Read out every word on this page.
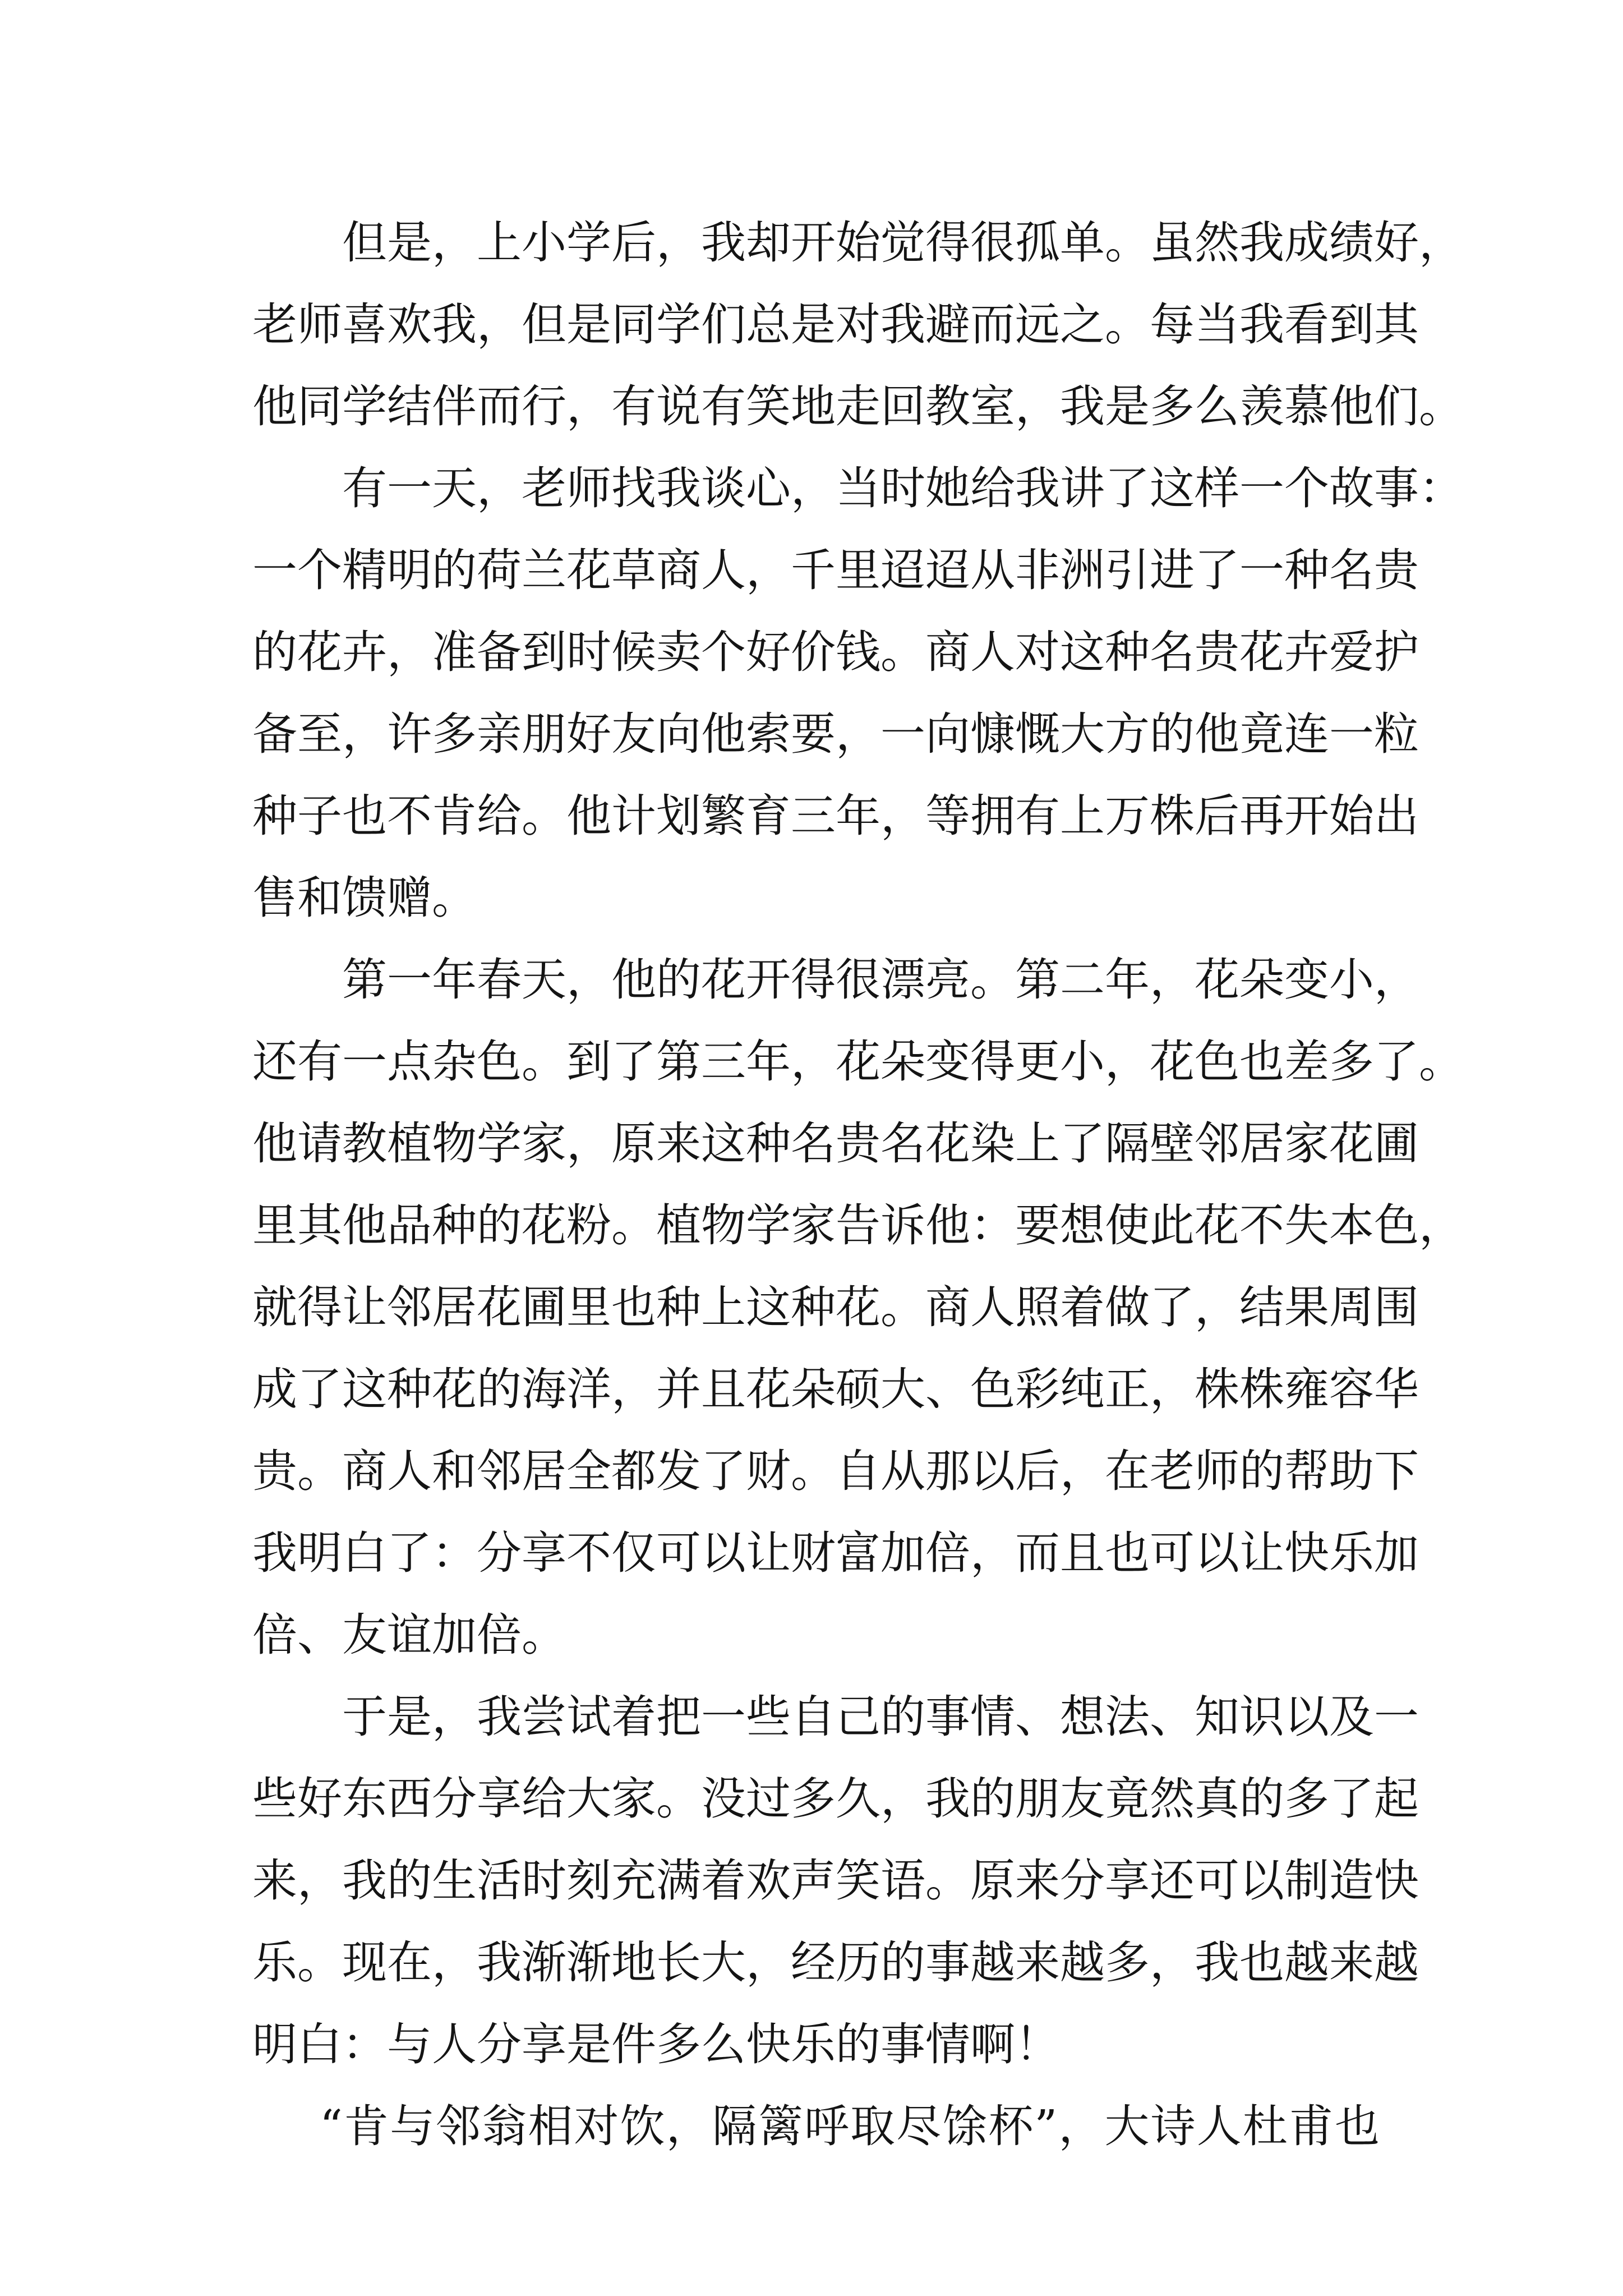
但是，上小学后，我却开始觉得很孤单。虽然我成绩好，
老师喜欢我，但是同学们总是对我避而远之。每当我看到其
他同学结伴而行，有说有笑地走回教室，我是多么羡慕他们。
有一天，老师找我谈心，当时她给我讲了这样一个故事：
一个精明的荷兰花草商人，千里迢迢从非洲引进了一种名贵
的花卉，准备到时候卖个好价钱。商人对这种名贵花卉爱护
备至，许多亲朋好友向他索要，一向慷慨大方的他竟连一粒
种子也不肯给。他计划繁育三年，等拥有上万株后再开始出
售和馈赠。
第一年春天，他的花开得很漂亮。第二年，花朵变小，
还有一点杂色。到了第三年，花朵变得更小，花色也差多了。
他请教植物学家，原来这种名贵名花染上了隔壁邻居家花圃
里其他品种的花粉。植物学家告诉他：要想使此花不失本色，
就得让邻居花圃里也种上这种花。商人照着做了，结果周围
成了这种花的海洋，并且花朵硕大、色彩纯正，株株雍容华
贵。商人和邻居全都发了财。自从那以后，在老师的帮助下
我明白了：分享不仅可以让财富加倍，而且也可以让快乐加
倍、友谊加倍。
于是，我尝试着把一些自己的事情、想法、知识以及一
些好东西分享给大家。没过多久，我的朋友竟然真的多了起
来，我的生活时刻充满着欢声笑语。原来分享还可以制造快
乐。现在，我渐渐地长大，经历的事越来越多，我也越来越
明白：与人分享是件多么快乐的事情啊！
“肯与邻翁相对饮，隔篱呼取尽馀杯”，大诗人杜甫也
